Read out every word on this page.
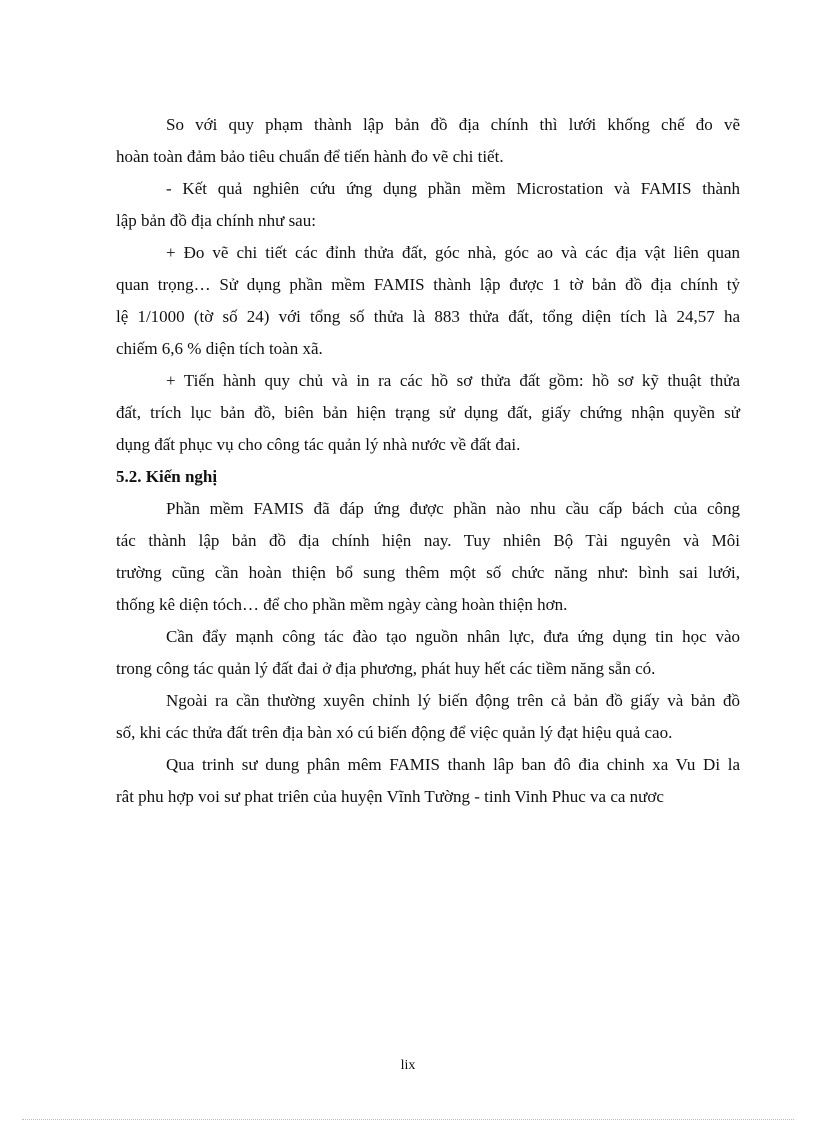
So với quy phạm thành lập bản đồ địa chính thì lưới khống chế đo vẽ
hoàn toàn đảm bảo tiêu chuẩn để tiến hành đo vẽ chi tiết.

- Kết quả nghiên cứu ứng dụng phần mềm Microstation và FAMIS thành
lập bản đồ địa chính như sau:

+ Đo vẽ chi tiết các đỉnh thửa đất, góc nhà, góc ao và các địa vật liên quan
quan trọng… Sử dụng phần mềm FAMIS thành lập được 1 tờ bản đồ địa chính tỷ
lệ 1/1000 (tờ số 24) với tổng số thửa là 883 thửa đất, tổng diện tích là 24,57 ha
chiếm 6,6 % diện tích toàn xã.

+ Tiến hành quy chủ và in ra các hồ sơ thửa đất gồm: hồ sơ kỹ thuật thửa
đất, trích lục bản đồ, biên bản hiện trạng sử dụng đất, giấy chứng nhận quyền sử
dụng đất phục vụ cho công tác quản lý nhà nước về đất đai.

5.2. Kiến nghị

Phần mềm FAMIS đã đáp ứng được phần nào nhu cầu cấp bách của công
tác thành lập bản đồ địa chính hiện nay. Tuy nhiên Bộ Tài nguyên và Môi
trường cũng cần hoàn thiện bổ sung thêm một số chức năng như: bình sai lưới,
thống kê diện tóch… để cho phần mềm ngày càng hoàn thiện hơn.

Cần đẩy mạnh công tác đào tạo nguồn nhân lực, đưa ứng dụng tin học vào
trong công tác quản lý đất đai ở địa phương, phát huy hết các tiềm năng sẵn có.

Ngoài ra cần thường xuyên chỉnh lý biến động trên cả bản đồ giấy và bản đồ
số, khi các thửa đất trên địa bàn xó cú biến động để việc quản lý đạt hiệu quả cao.

Qua trinh sư dung phân mêm FAMIS thanh lâp ban đô đia chinh xa Vu Di la
rât phu hợp voi sư phat triên của huyện Vĩnh Tường - tinh Vinh Phuc va ca nươc

lix
